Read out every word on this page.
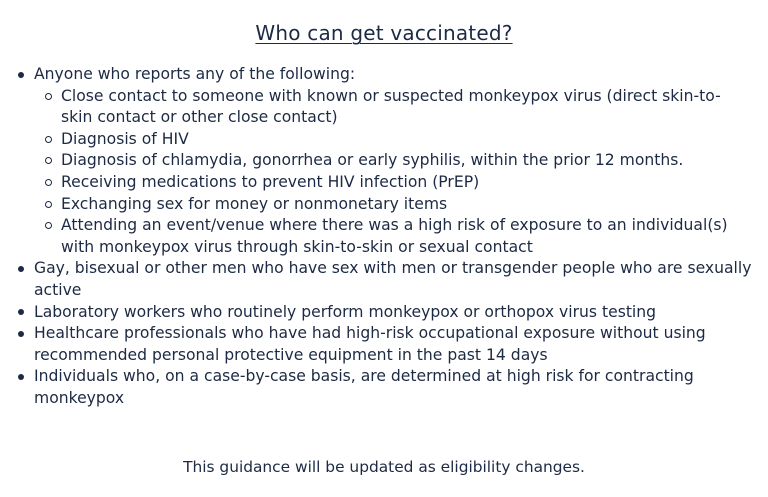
Who can get vaccinated?
Anyone who reports any of the following:
Close contact to someone with known or suspected monkeypox virus (direct skin-to-skin contact or other close contact)
Diagnosis of HIV
Diagnosis of chlamydia, gonorrhea or early syphilis, within the prior 12 months.
Receiving medications to prevent HIV infection (PrEP)
Exchanging sex for money or nonmonetary items
Attending an event/venue where there was a high risk of exposure to an individual(s) with monkeypox virus through skin-to-skin or sexual contact
Gay, bisexual or other men who have sex with men or transgender people who are sexually active
Laboratory workers who routinely perform monkeypox or orthopox virus testing
Healthcare professionals who have had high-risk occupational exposure without using recommended personal protective equipment in the past 14 days
Individuals who, on a case-by-case basis, are determined at high risk for contracting monkeypox
This guidance will be updated as eligibility changes.
